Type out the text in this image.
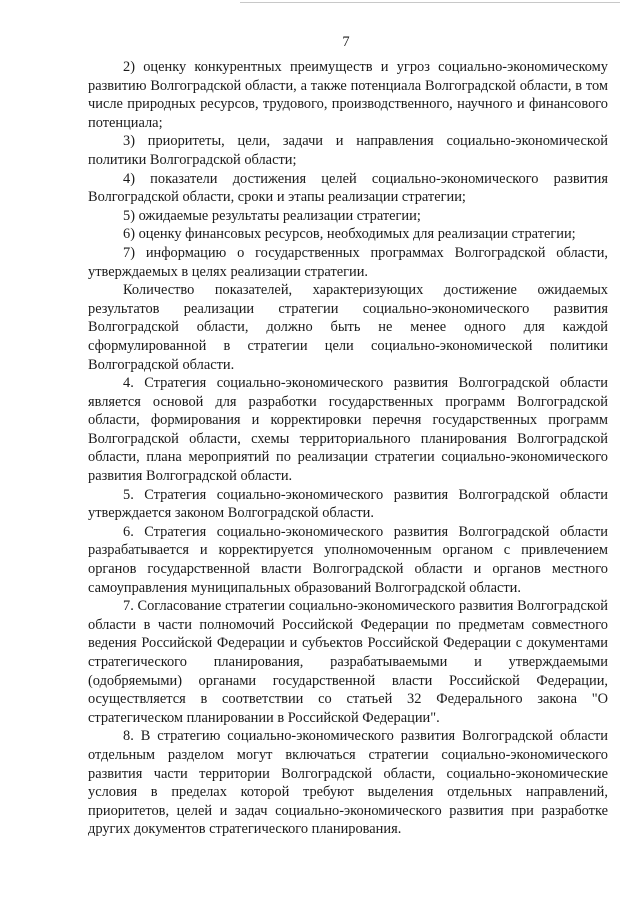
7

2) оценку конкурентных преимуществ и угроз социально-экономическому развитию Волгоградской области, а также потенциала Волгоградской области, в том числе природных ресурсов, трудового, производственного, научного и финансового потенциала;

3) приоритеты, цели, задачи и направления социально-экономической политики Волгоградской области;

4) показатели достижения целей социально-экономического развития Волгоградской области, сроки и этапы реализации стратегии;

5) ожидаемые результаты реализации стратегии;

6) оценку финансовых ресурсов, необходимых для реализации стратегии;

7) информацию о государственных программах Волгоградской области, утверждаемых в целях реализации стратегии.

Количество показателей, характеризующих достижение ожидаемых результатов реализации стратегии социально-экономического развития Волгоградской области, должно быть не менее одного для каждой сформулированной в стратегии цели социально-экономической политики Волгоградской области.

4. Стратегия социально-экономического развития Волгоградской области является основой для разработки государственных программ Волгоградской области, формирования и корректировки перечня государственных программ Волгоградской области, схемы территориального планирования Волгоградской области, плана мероприятий по реализации стратегии социально-экономического развития Волгоградской области.

5. Стратегия социально-экономического развития Волгоградской области утверждается законом Волгоградской области.

6. Стратегия социально-экономического развития Волгоградской области разрабатывается и корректируется уполномоченным органом с привлечением органов государственной власти Волгоградской области и органов местного самоуправления муниципальных образований Волгоградской области.

7. Согласование стратегии социально-экономического развития Волгоградской области в части полномочий Российской Федерации по предметам совместного ведения Российской Федерации и субъектов Российской Федерации с документами стратегического планирования, разрабатываемыми и утверждаемыми (одобряемыми) органами государственной власти Российской Федерации, осуществляется в соответствии со статьей 32 Федерального закона "О стратегическом планировании в Российской Федерации".

8. В стратегию социально-экономического развития Волгоградской области отдельным разделом могут включаться стратегии социально-экономического развития части территории Волгоградской области, социально-экономические условия в пределах которой требуют выделения отдельных направлений, приоритетов, целей и задач социально-экономического развития при разработке других документов стратегического планирования.
